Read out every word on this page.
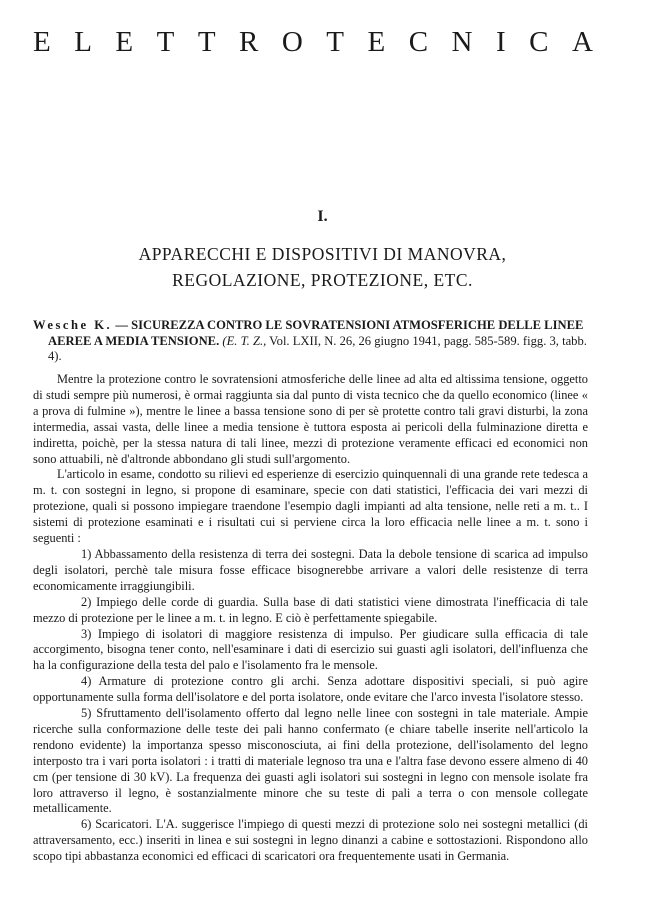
E L E T T R O T E C N I C A
I.
APPARECCHI E DISPOSITIVI DI MANOVRA,
REGOLAZIONE, PROTEZIONE, ETC.
Wesche K. — SICUREZZA CONTRO LE SOVRATENSIONI ATMOSFERICHE DELLE LINEE AEREE A MEDIA TENSIONE. (E. T. Z., Vol. LXII, N. 26, 26 giugno 1941, pagg. 585-589. figg. 3, tabb. 4).

Mentre la protezione contro le sovratensioni atmosferiche delle linee ad alta ed altissima tensione, oggetto di studi sempre più numerosi, è ormai raggiunta sia dal punto di vista tecnico che da quello economico (linee « a prova di fulmine »), mentre le linee a bassa tensione sono di per sè protette contro tali gravi disturbi, la zona intermedia, assai vasta, delle linee a media tensione è tuttora esposta ai pericoli della fulminazione diretta e indiretta, poichè, per la stessa natura di tali linee, mezzi di protezione veramente efficaci ed economici non sono attuabili, nè d'altronde abbondano gli studi sull'argomento.

L'articolo in esame, condotto su rilievi ed esperienze di esercizio quinquennali di una grande rete tedesca a m. t. con sostegni in legno, si propone di esaminare, specie con dati statistici, l'efficacia dei vari mezzi di protezione, quali si possono impiegare traendone l'esempio dagli impianti ad alta tensione, nelle reti a m. t.. I sistemi di protezione esaminati e i risultati cui si perviene circa la loro efficacia nelle linee a m. t. sono i seguenti :

1) Abbassamento della resistenza di terra dei sostegni. Data la debole tensione di scarica ad impulso degli isolatori, perchè tale misura fosse efficace bisognerebbe arrivare a valori delle resistenze di terra economicamente irraggiungibili.

2) Impiego delle corde di guardia. Sulla base di dati statistici viene dimostrata l'inefficacia di tale mezzo di protezione per le linee a m. t. in legno. E ciò è perfettamente spiegabile.

3) Impiego di isolatori di maggiore resistenza di impulso. Per giudicare sulla efficacia di tale accorgimento, bisogna tener conto, nell'esaminare i dati di esercizio sui guasti agli isolatori, dell'influenza che ha la configurazione della testa del palo e l'isolamento fra le mensole.

4) Armature di protezione contro gli archi. Senza adottare dispositivi speciali, si può agire opportunamente sulla forma dell'isolatore e del porta isolatore, onde evitare che l'arco investa l'isolatore stesso.

5) Sfruttamento dell'isolamento offerto dal legno nelle linee con sostegni in tale materiale. Ampie ricerche sulla conformazione delle teste dei pali hanno confermato (e chiare tabelle inserite nell'articolo la rendono evidente) la importanza spesso misconosciuta, ai fini della protezione, dell'isolamento del legno interposto tra i vari porta isolatori : i tratti di materiale legnoso tra una e l'altra fase devono essere almeno di 40 cm (per tensione di 30 kV). La frequenza dei guasti agli isolatori sui sostegni in legno con mensole isolate fra loro attraverso il legno, è sostanzialmente minore che su teste di pali a terra o con mensole collegate metallicamente.

6) Scaricatori. L'A. suggerisce l'impiego di questi mezzi di protezione solo nei sostegni metallici (di attraversamento, ecc.) inseriti in linea e sui sostegni in legno dinanzi a cabine e sottostazioni. Rispondono allo scopo tipi abbastanza economici ed efficaci di scaricatori ora frequentemente usati in Germania.
